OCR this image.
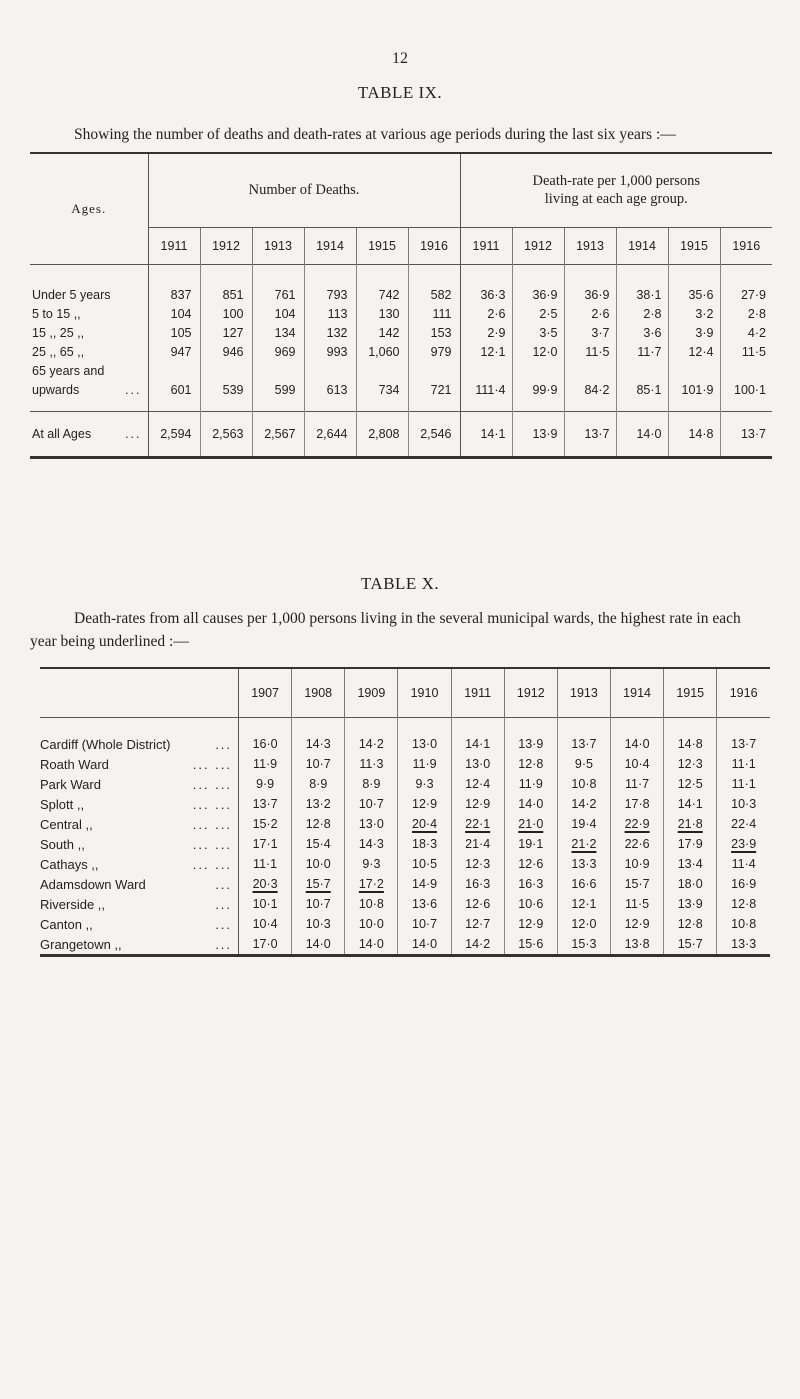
12
TABLE IX.
Showing the number of deaths and death-rates at various age periods during the last six years :—
Ages.	Number of Deaths.						Death-rate per 1,000 persons
living at each age group.					

	1911	1912	1913	1914	1915	1916	1911	1912	1913	1914	1915	1916

Under 5 years	837	851	761	793	742	582	36·3	36·9	36·9	38·1	35·6	27·9
5 to 15 ,,	104	100	104	113	130	111	2·6	2·5	2·6	2·8	3·2	2·8
15 ,, 25 ,,	105	127	134	132	142	153	2·9	3·5	3·7	3·6	3·9	4·2
25 ,, 65 ,,	947	946	969	993	1,060	979	12·1	12·0	11·5	11·7	12·4	11·5
65 years and												
upwards ...	601	539	599	613	734	721	111·4	99·9	84·2	85·1	101·9	100·1

At all Ages ...	2,594	2,563	2,567	2,644	2,808	2,546	14·1	13·9	13·7	14·0	14·8	13·7
TABLE X.
Death-rates from all causes per 1,000 persons living in the several municipal wards, the highest rate in each year being underlined :—
	1907	1908	1909	1910	1911	1912	1913	1914	1915	1916

...
Cardiff (Whole District)	16·0	14·3	14·2	13·0	14·1	13·9	13·7	14·0	14·8	13·7

... ...
Roath Ward	11·9	10·7	11·3	11·9	13·0	12·8	9·5	10·4	12·3	11·1

... ...
Park Ward	9·9	8·9	8·9	9·3	12·4	11·9	10·8	11·7	12·5	11·1

... ...
Splott ,,	13·7	13·2	10·7	12·9	12·9	14·0	14·2	17·8	14·1	10·3

... ...
Central ,,	15·2	12·8	13·0	20·4	22·1	21·0	19·4	22·9	21·8	22·4

... ...
South ,,	17·1	15·4	14·3	18·3	21·4	19·1	21·2	22·6	17·9	23·9

... ...
Cathays ,,	11·1	10·0	9·3	10·5	12·3	12·6	13·3	10·9	13·4	11·4

...
Adamsdown Ward	20·3	15·7	17·2	14·9	16·3	16·3	16·6	15·7	18·0	16·9

...
Riverside ,,	10·1	10·7	10·8	13·6	12·6	10·6	12·1	11·5	13·9	12·8

...
Canton ,,	10·4	10·3	10·0	10·7	12·7	12·9	12·0	12·9	12·8	10·8

...
Grangetown ,,	17·0	14·0	14·0	14·0	14·2	15·6	15·3	13·8	15·7	13·3
